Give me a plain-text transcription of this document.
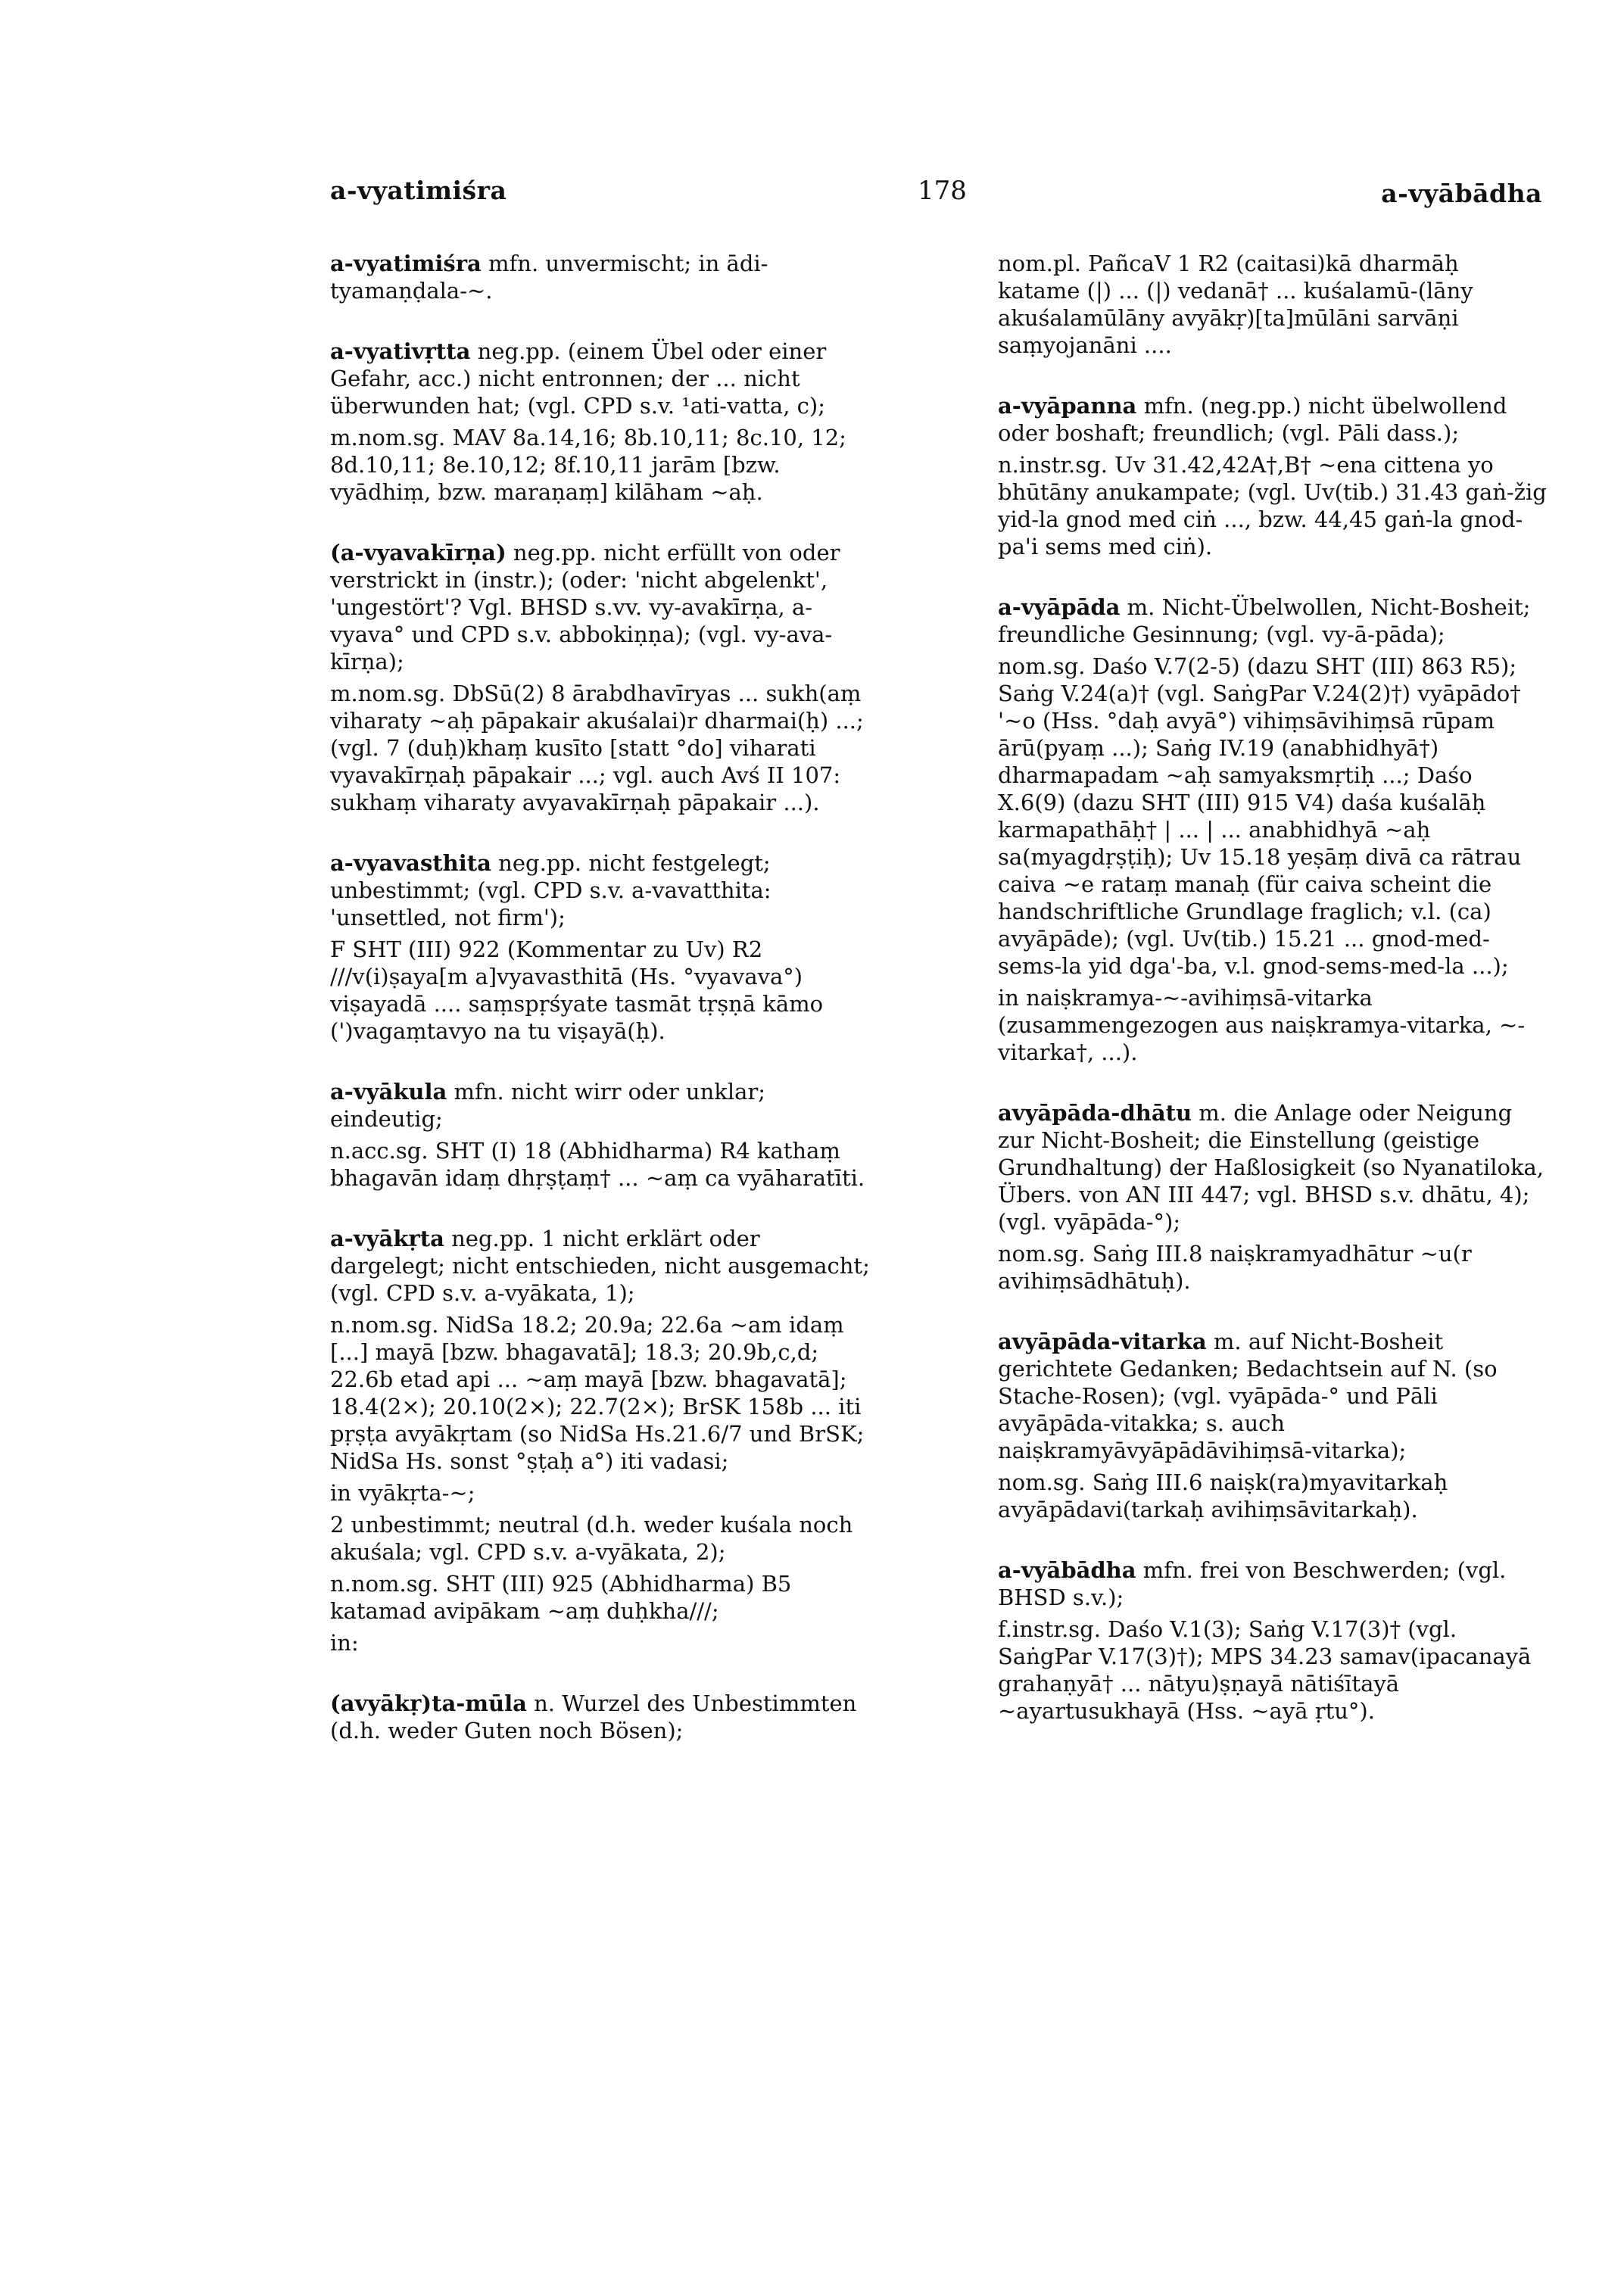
a-vyatimiśra	178	a-vyābādha

a-vyatimiśra mfn. unvermischt; in ādi-tyamaṇḍala-~.

a-vyativṛtta neg.pp. (einem Übel oder einer Gefahr, acc.) nicht entronnen; der ... nicht überwunden hat; (vgl. CPD s.v. ¹ati-vatta, c);

m.nom.sg. MAV 8a.14,16; 8b.10,11; 8c.10, 12; 8d.10,11; 8e.10,12; 8f.10,11 jarām [bzw. vyādhiṃ, bzw. maraṇaṃ] kilāham ~aḥ.

(a-vyavakīrṇa) neg.pp. nicht erfüllt von oder verstrickt in (instr.); (oder: 'nicht abgelenkt', 'ungestört'? Vgl. BHSD s.vv. vy-avakīrṇa, a-vyava° und CPD s.v. abbokiṇṇa); (vgl. vy-ava-kīrṇa);

m.nom.sg. DbSū(2) 8 ārabdhavīryas ... sukh(aṃ viharaty ~aḥ pāpakair akuśalai)r dharmai(ḥ) ...; (vgl. 7 (duḥ)khaṃ kusīto [statt °do] viharati vyavakīrṇaḥ pāpakair ...; vgl. auch Avś II 107: sukhaṃ viharaty avyavakīrṇaḥ pāpakair ...).

a-vyavasthita neg.pp. nicht festgelegt; unbestimmt; (vgl. CPD s.v. a-vavatthita: 'unsettled, not firm');

F SHT (III) 922 (Kommentar zu Uv) R2 ///v(i)ṣaya[m a]vyavasthitā (Hs. °vyavava°) viṣayadā .... saṃspṛśyate tasmāt tṛṣṇā kāmo (')vagaṃtavyo na tu viṣayā(ḥ).

a-vyākula mfn. nicht wirr oder unklar; eindeutig;

n.acc.sg. SHT (I) 18 (Abhidharma) R4 kathaṃ bhagavān idaṃ dhṛṣṭaṃ† ... ~aṃ ca vyāharatīti.

a-vyākṛta neg.pp. 1 nicht erklärt oder dargelegt; nicht entschieden, nicht ausgemacht; (vgl. CPD s.v. a-vyākata, 1);

n.nom.sg. NidSa 18.2; 20.9a; 22.6a ~am idaṃ [...] mayā [bzw. bhagavatā]; 18.3; 20.9b,c,d; 22.6b etad api ... ~aṃ mayā [bzw. bhagavatā]; 18.4(2×); 20.10(2×); 22.7(2×); BrSK 158b ... iti pṛṣṭa avyākṛtam (so NidSa Hs.21.6/7 und BrSK; NidSa Hs. sonst °ṣṭaḥ a°) iti vadasi;

in vyākṛta-~;

2 unbestimmt; neutral (d.h. weder kuśala noch akuśala; vgl. CPD s.v. a-vyākata, 2);

n.nom.sg. SHT (III) 925 (Abhidharma) B5 katamad avipākam ~aṃ duḥkha///;

in:

(avyākṛ)ta-mūla n. Wurzel des Unbestimmten (d.h. weder Guten noch Bösen);

nom.pl. PañcaV 1 R2 (caitasi)kā dharmāḥ katame (|) ... (|) vedanā† ... kuśalamū-(lāny akuśalamūlāny avyākṛ)[ta]mūlāni sarvāṇi saṃyojanāni ....

a-vyāpanna mfn. (neg.pp.) nicht übelwollend oder boshaft; freundlich; (vgl. Pāli dass.);

n.instr.sg. Uv 31.42,42A†,B† ~ena cittena yo bhūtāny anukampate; (vgl. Uv(tib.) 31.43 gaṅ-žig yid-la gnod med ciṅ ..., bzw. 44,45 gaṅ-la gnod-pa'i sems med ciṅ).

a-vyāpāda m. Nicht-Übelwollen, Nicht-Bosheit; freundliche Gesinnung; (vgl. vy-ā-pāda);

nom.sg. Daśo V.7(2-5) (dazu SHT (III) 863 R5); Saṅg V.24(a)† (vgl. SaṅgPar V.24(2)†) vyāpādo† '~o (Hss. °daḥ avyā°) vihiṃsāvihiṃsā rūpam ārū(pyaṃ ...); Saṅg IV.19 (anabhidhyā†) dharmapadam ~aḥ samyaksmṛtiḥ ...; Daśo X.6(9) (dazu SHT (III) 915 V4) daśa kuśalāḥ karmapathāḥ† | ... | ... anabhidhyā ~aḥ sa(myagdṛṣṭiḥ); Uv 15.18 yeṣāṃ divā ca rātrau caiva ~e rataṃ manaḥ (für caiva scheint die handschriftliche Grundlage fraglich; v.l. (ca) avyāpāde); (vgl. Uv(tib.) 15.21 ... gnod-med-sems-la yid dga'-ba, v.l. gnod-sems-med-la ...);

in naiṣkramya-~-avihiṃsā-vitarka (zusammengezogen aus naiṣkramya-vitarka, ~-vitarka†, ...).

avyāpāda-dhātu m. die Anlage oder Neigung zur Nicht-Bosheit; die Einstellung (geistige Grundhaltung) der Haßlosigkeit (so Nyanatiloka, Übers. von AN III 447; vgl. BHSD s.v. dhātu, 4); (vgl. vyāpāda-°);

nom.sg. Saṅg III.8 naiṣkramyadhātur ~u(r avihiṃsādhātuḥ).

avyāpāda-vitarka m. auf Nicht-Bosheit gerichtete Gedanken; Bedachtsein auf N. (so Stache-Rosen); (vgl. vyāpāda-° und Pāli avyāpāda-vitakka; s. auch naiṣkramyāvyāpādāvihiṃsā-vitarka);

nom.sg. Saṅg III.6 naiṣk(ra)myavitarkaḥ avyāpādavi(tarkaḥ avihiṃsāvitarkaḥ).

a-vyābādha mfn. frei von Beschwerden; (vgl. BHSD s.v.);

f.instr.sg. Daśo V.1(3); Saṅg V.17(3)† (vgl. SaṅgPar V.17(3)†); MPS 34.23 samav(ipacanayā grahaṇyā† ... nātyu)ṣṇayā nātiśītayā ~ayartusukhayā (Hss. ~ayā ṛtu°).
